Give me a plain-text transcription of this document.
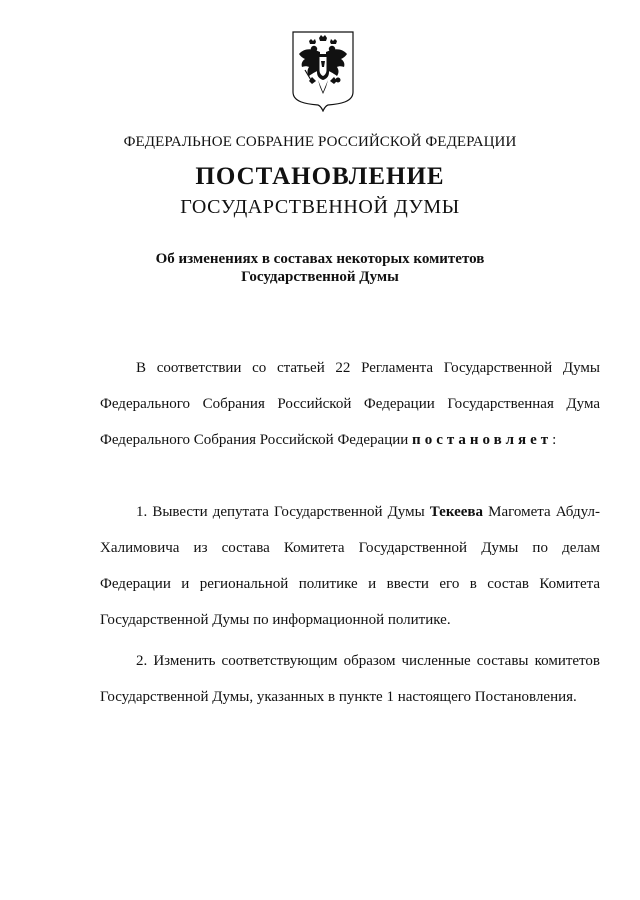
ФЕДЕРАЛЬНОЕ СОБРАНИЕ РОССИЙСКОЙ ФЕДЕРАЦИИ
ПОСТАНОВЛЕНИЕ
ГОСУДАРСТВЕННОЙ ДУМЫ
Об изменениях в составах некоторых комитетов
Государственной Думы
В соответствии со статьей 22 Регламента Государственной Думы Федерального Собрания Российской Федерации Государственная Дума Федерального Собрания Российской Федерации постановляет:
1. Вывести депутата Государственной Думы Текеева Магомета Абдул-Халимовича из состава Комитета Государственной Думы по делам Федерации и региональной политике и ввести его в состав Комитета Государственной Думы по информационной политике.
2. Изменить соответствующим образом численные составы комитетов Государственной Думы, указанных в пункте 1 настоящего Постановления.
